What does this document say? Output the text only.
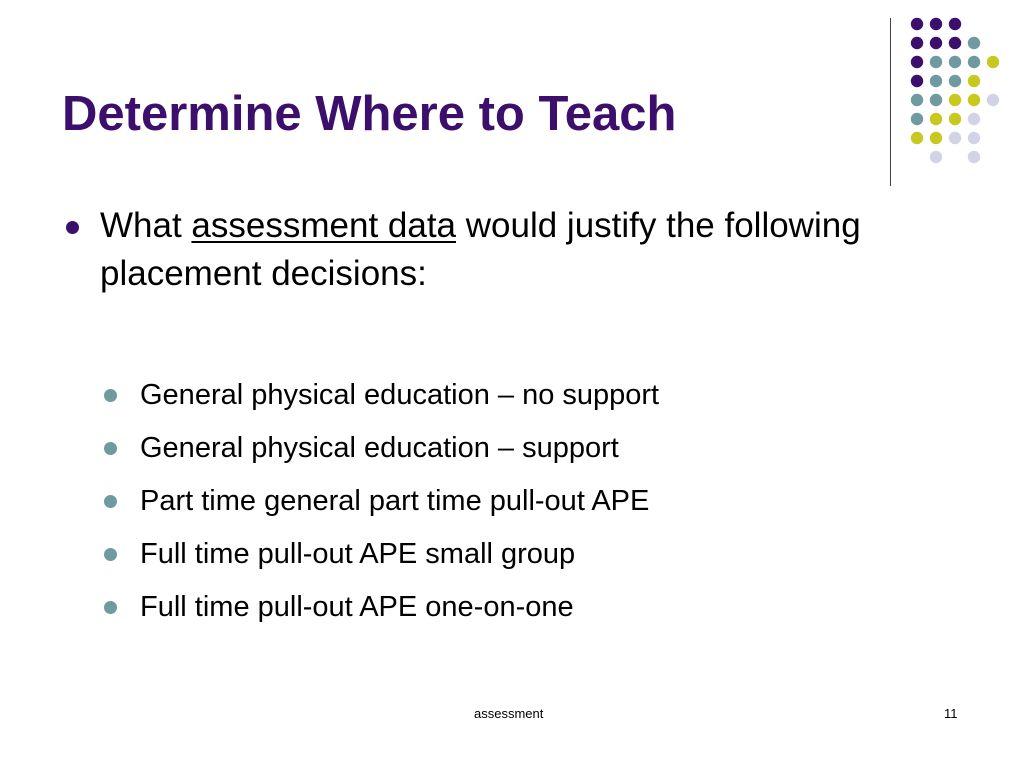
Determine Where to Teach

What assessment data would justify the following placement decisions:

General physical education – no support
General physical education – support
Part time general part time pull-out APE
Full time pull-out APE small group
Full time pull-out APE one-on-one
assessment	11
